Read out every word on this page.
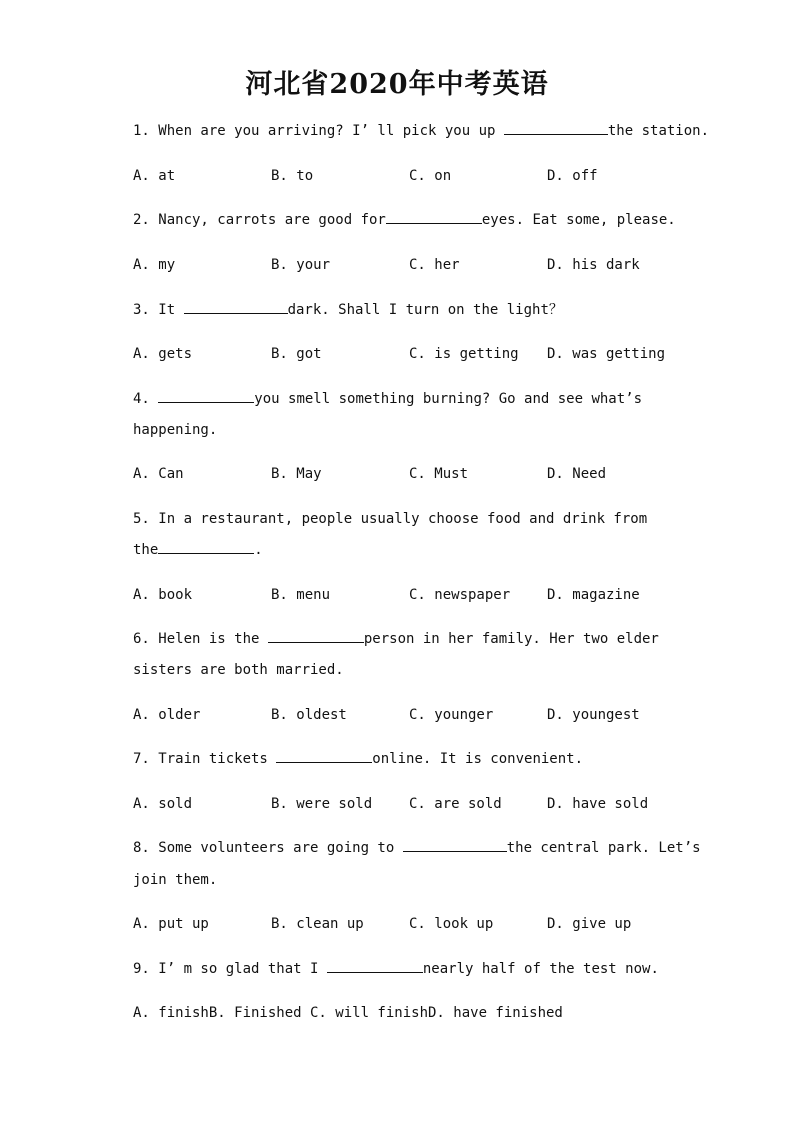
河北省2020年中考英语
1. When are you arriving? I’ ll pick you up	the station.
A. at	B. to	C. on	D. off
2. Nancy, carrots are good for	eyes. Eat some, please.
A. my	B. your	C. her	D. his dark
3. It	dark. Shall I turn on the light？
A. gets	B. got	C. is getting D. was getting
4.	you smell something burning? Go and see what’s
happening.
A. Can	B. May	C. Must	D. Need
5. In a restaurant, people usually choose food and drink from
the	.
A. book	B. menu	C. newspaper	D. magazine
6. Helen is the	person in her family. Her two elder
sisters are both married.
A. older	B. oldest	C. younger	D. youngest
7. Train tickets	online. It is convenient.
A. sold	B. were sold	C. are sold	D. have sold
8. Some volunteers are going to	the central park. Let’s
join them.
A. put up	B. clean up	C. look up	D. give up
9. I’ m so glad that I	nearly half of the test now.
A. finishB. Finished C. will finishD. have finished
